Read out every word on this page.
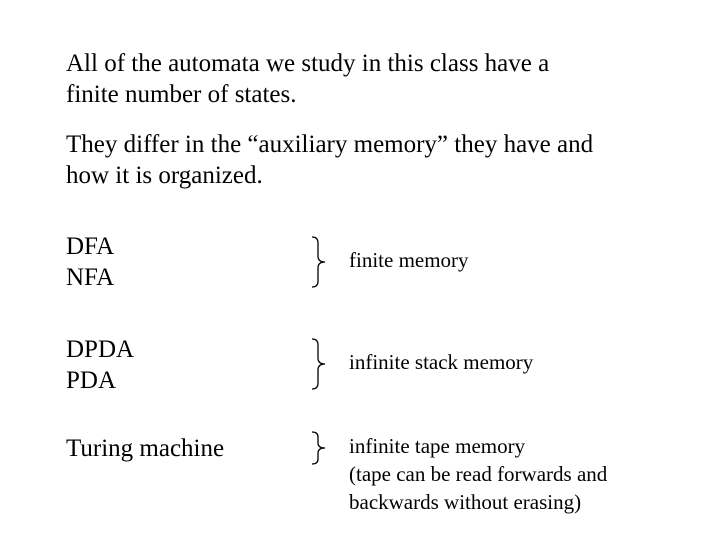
All of the automata we study in this class have a
finite number of states.
They differ in the “auxiliary memory” they have and
how it is organized.
DFA
NFA
finite memory
DPDA
PDA
infinite stack memory
Turing machine	infinite tape memory
(tape can be read forwards and
backwards without erasing)
